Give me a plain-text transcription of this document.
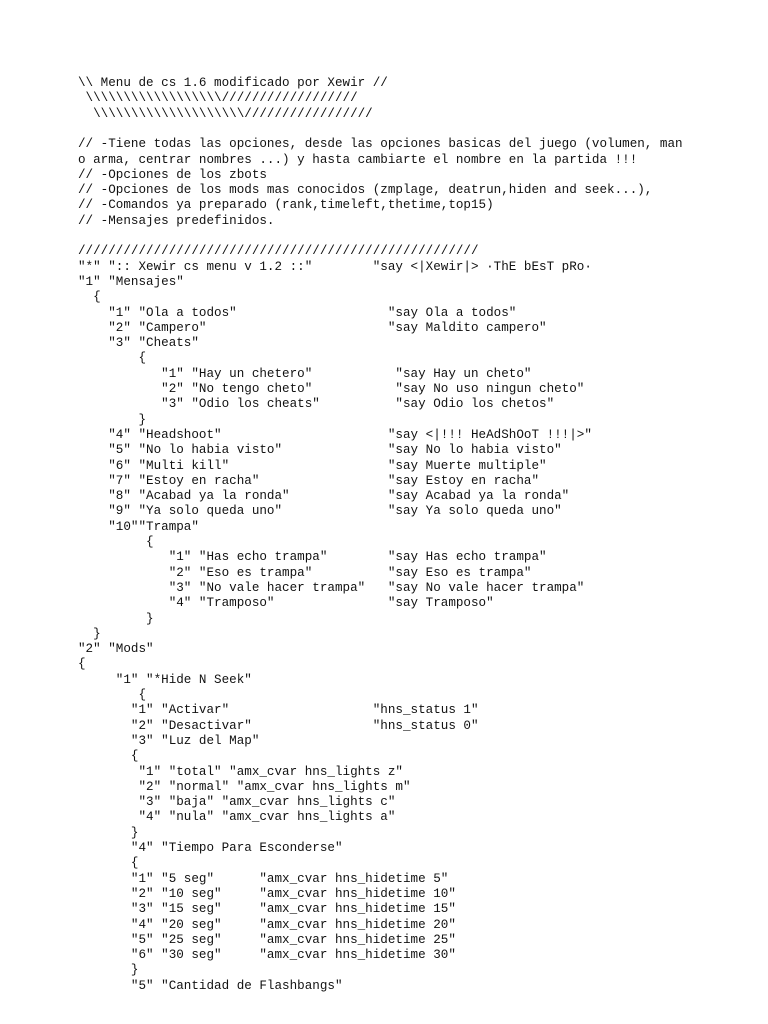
\\ Menu de cs 1.6 modificado por Xewir //
\\\\\\\\\\\\\\\\\\//////////////////
\\\\\\\\\\\\\\\\\\\\/////////////////
// -Tiene todas las opciones, desde las opciones basicas del juego (volumen, man
o arma, centrar nombres ...) y hasta cambiarte el nombre en la partida !!!
// -Opciones de los zbots
// -Opciones de los mods mas conocidos (zmplage, deatrun,hiden and seek...),
// -Comandos ya preparado (rank,timeleft,thetime,top15)
// -Mensajes predefinidos.
/////////////////////////////////////////////////////
"*" ":: Xewir cs menu v 1.2 ::"        "say <|Xewir|> ·ThE bEsT pRo·
"1" "Mensajes"
{
"1" "Ola a todos"                    "say Ola a todos"
"2" "Campero"                        "say Maldito campero"
"3" "Cheats"
{
"1" "Hay un chetero"           "say Hay un cheto"
"2" "No tengo cheto"           "say No uso ningun cheto"
"3" "Odio los cheats"          "say Odio los chetos"
}
"4" "Headshoot"                      "say <|!!! HeAdShOoT !!!|>"
"5" "No lo habia visto"              "say No lo habia visto"
"6" "Multi kill"                     "say Muerte multiple"
"7" "Estoy en racha"                 "say Estoy en racha"
"8" "Acabad ya la ronda"             "say Acabad ya la ronda"
"9" "Ya solo queda uno"              "say Ya solo queda uno"
"10""Trampa"
{
"1" "Has echo trampa"        "say Has echo trampa"
"2" "Eso es trampa"          "say Eso es trampa"
"3" "No vale hacer trampa"   "say No vale hacer trampa"
"4" "Tramposo"               "say Tramposo"
}
}
"2" "Mods"
{
"1" "*Hide N Seek"
{
"1" "Activar"                   "hns_status 1"
"2" "Desactivar"                "hns_status 0"
"3" "Luz del Map"
{
"1" "total" "amx_cvar hns_lights z"
"2" "normal" "amx_cvar hns_lights m"
"3" "baja" "amx_cvar hns_lights c"
"4" "nula" "amx_cvar hns_lights a"
}
"4" "Tiempo Para Esconderse"
{
"1" "5 seg"      "amx_cvar hns_hidetime 5"
"2" "10 seg"     "amx_cvar hns_hidetime 10"
"3" "15 seg"     "amx_cvar hns_hidetime 15"
"4" "20 seg"     "amx_cvar hns_hidetime 20"
"5" "25 seg"     "amx_cvar hns_hidetime 25"
"6" "30 seg"     "amx_cvar hns_hidetime 30"
}
"5" "Cantidad de Flashbangs"
